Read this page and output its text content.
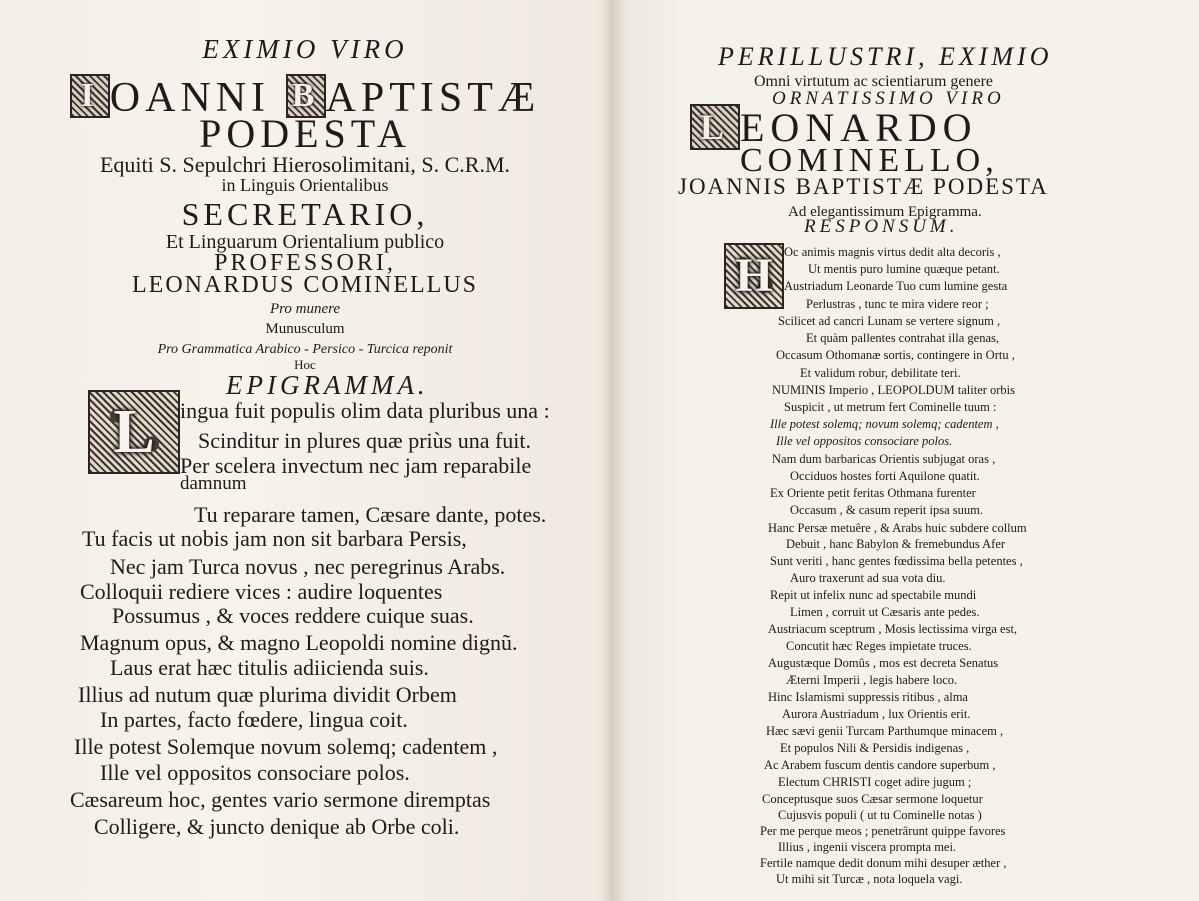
EXIMIO VIRO
I OANNI B APTISTÆ
PODESTA
Equiti S. Sepulchri Hierosolimitani, S. C.R.M.
in Linguis Orientalibus
SECRETARIO,
Et Linguarum Orientalium publico
PROFESSORI,
LEONARDUS COMINELLUS
Pro munere
Munusculum
Pro Grammatica Arabico - Persico - Turcica reponit
Hoc
EPIGRAMMA.
L	ingua fuit populis olim data pluribus una :
Scinditur in plures quæ priùs una fuit.
Per scelera invectum nec jam reparabile
damnum
Tu reparare tamen, Cæsare dante, potes.
Tu facis ut nobis jam non sit barbara Persis,
Nec jam Turca novus , nec peregrinus Arabs.
Colloquii rediere vices : audire loquentes
Possumus , & voces reddere cuique suas.
Magnum opus, & magno Leopoldi nomine dignũ.
Laus erat hæc titulis adiicienda suis.
Illius ad nutum quæ plurima dividit Orbem
In partes, facto fœdere, lingua coit.
Ille potest Solemque novum solemq; cadentem ,
Ille vel oppositos consociare polos.
Cæsareum hoc, gentes vario sermone diremptas
Colligere, & juncto denique ab Orbe coli.
PERILLUSTRI, EXIMIO
Omni virtutum ac scientiarum genere
ORNATISSIMO VIRO
L EONARDO
COMINELLO,
JOANNIS BAPTISTÆ PODESTA
Ad elegantissimum Epigramma.
RESPONSUM.
H Oc animis magnis virtus dedit alta decoris ,
Ut mentis puro lumine quæque petant.
Austriadum Leonarde Tuo cum lumine gesta
Perlustras , tunc te mira videre reor ;
Scilicet ad cancri Lunam se vertere signum ,
Et quàm pallentes contrahat illa genas,
Occasum Othomanæ sortis, contingere in Ortu ,
Et validum robur, debilitate teri.
NUMINIS Imperio , LEOPOLDUM taliter orbis
Suspicit , ut metrum fert Cominelle tuum :
Ille potest solemq; novum solemq; cadentem ,
Ille vel oppositos consociare polos.
Nam dum barbaricas Orientis subjugat oras ,
Occiduos hostes forti Aquilone quatit.
Ex Oriente petit feritas Othmana furenter
Occasum , & casum reperit ipsa suum.
Hanc Persæ metuêre , & Arabs huic subdere collum
Debuit , hanc Babylon & fremebundus Afer
Sunt veriti , hanc gentes fœdissima bella petentes ,
Auro traxerunt ad sua vota diu.
Repit ut infelix nunc ad spectabile mundi
Limen , corruit ut Cæsaris ante pedes.
Austriacum sceptrum , Mosis lectissima virga est,
Concutit hæc Reges impietate truces.
Augustæque Domûs , mos est decreta Senatus
Æterni Imperii , legis habere loco.
Hinc Islamismi suppressis ritibus , alma
Aurora Austriadum , lux Orientis erit.
Hæc sævi genii Turcam Parthumque minacem ,
Et populos Nili & Persidis indigenas ,
Ac Arabem fuscum dentis candore superbum ,
Electum CHRISTI coget adire jugum ;
Conceptusque suos Cæsar sermone loquetur
Cujusvis populi ( ut tu Cominelle notas )
Per me perque meos ; penetrârunt quippe favores
Illius , ingenii viscera prompta mei.
Fertile namque dedit donum mihi desuper æther ,
Ut mihi sit Turcæ , nota loquela vagi.
